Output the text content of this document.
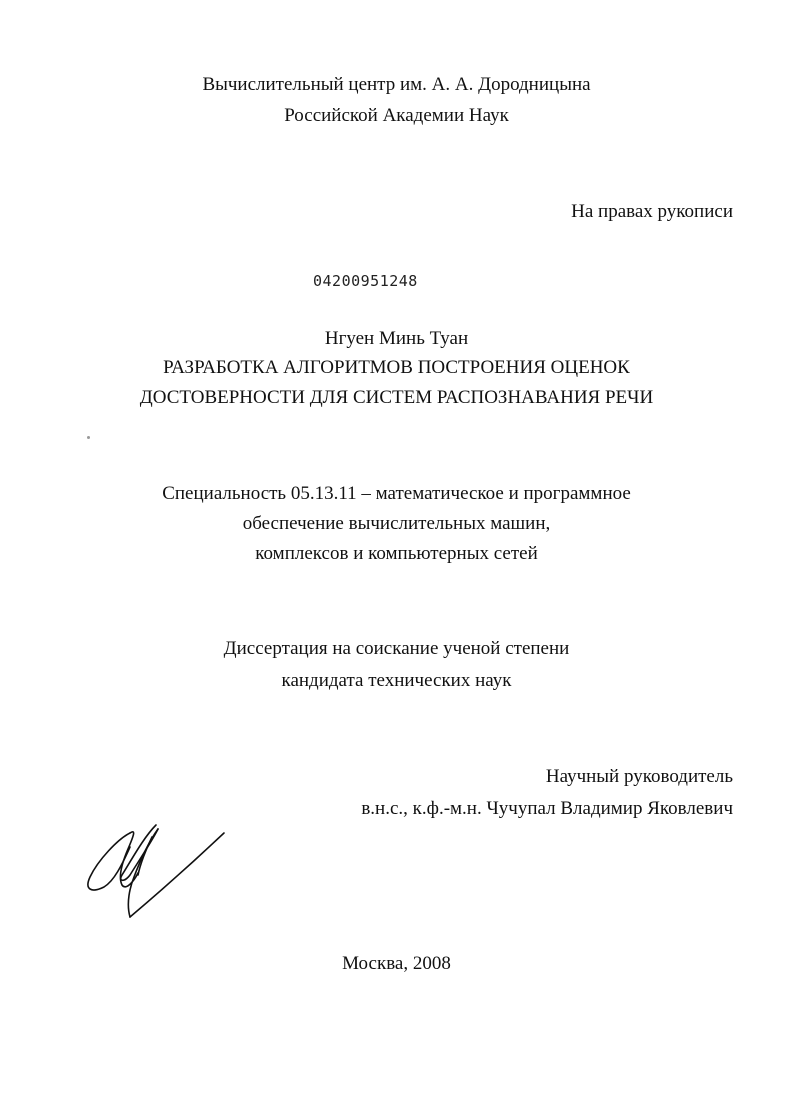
Вычислительный центр им. А. А. Дородницына
Российской Академии Наук
На правах рукописи
04200951248
Нгуен Минь Туан
РАЗРАБОТКА АЛГОРИТМОВ ПОСТРОЕНИЯ ОЦЕНОК
ДОСТОВЕРНОСТИ ДЛЯ СИСТЕМ РАСПОЗНАВАНИЯ РЕЧИ
Специальность 05.13.11 – математическое и программное
обеспечение вычислительных машин,
комплексов и компьютерных сетей
Диссертация на соискание ученой степени
кандидата технических наук
Научный руководитель
в.н.с., к.ф.-м.н. Чучупал Владимир Яковлевич
Москва, 2008
